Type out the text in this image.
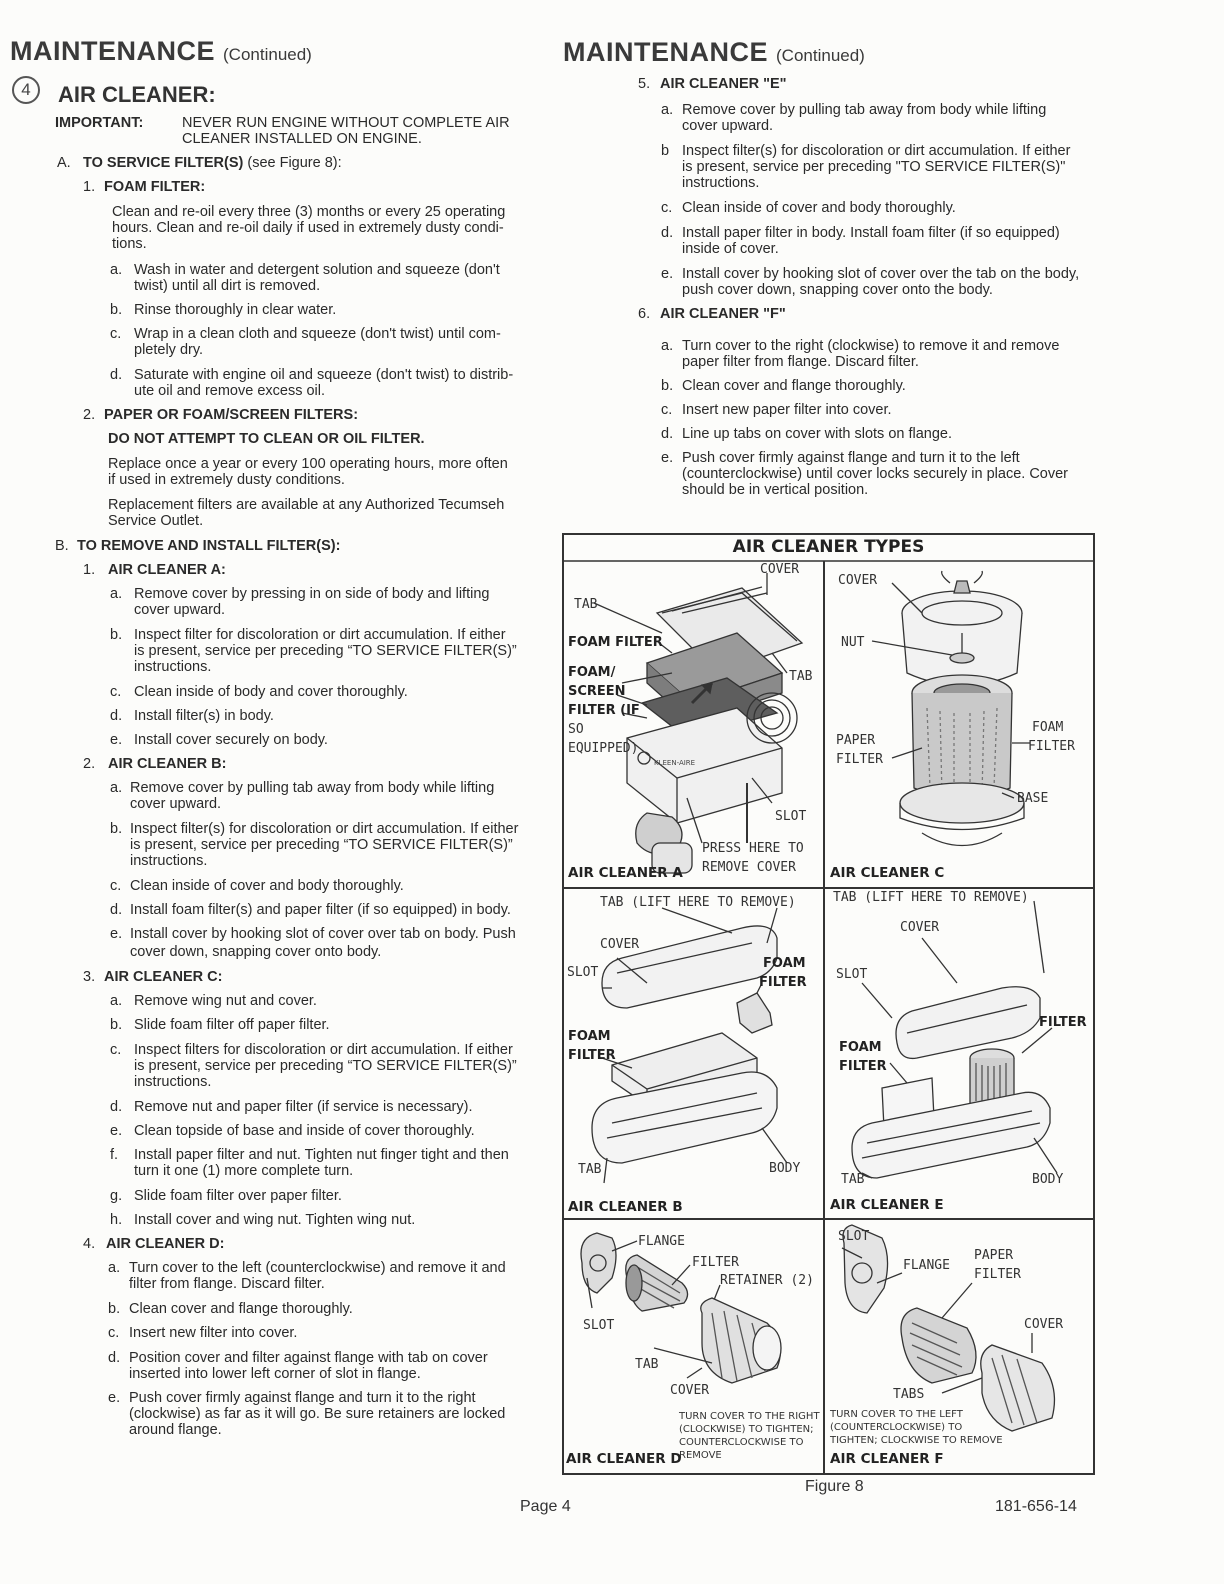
MAINTENANCE (Continued)
4	AIR CLEANER:
IMPORTANT:	NEVER RUN ENGINE WITHOUT COMPLETE AIR
CLEANER INSTALLED ON ENGINE.
A. TO SERVICE FILTER(S) (see Figure 8):
1. FOAM FILTER:
Clean and re-oil every three (3) months or every 25 operating
hours. Clean and re-oil daily if used in extremely dusty condi-
tions.
a. Wash in water and detergent solution and squeeze (don't
twist) until all dirt is removed.
b. Rinse thoroughly in clear water.
c. Wrap in a clean cloth and squeeze (don't twist) until com-
pletely dry.
d. Saturate with engine oil and squeeze (don't twist) to distrib-
ute oil and remove excess oil.
2. PAPER OR FOAM/SCREEN FILTERS:
DO NOT ATTEMPT TO CLEAN OR OIL FILTER.
Replace once a year or every 100 operating hours, more often
if used in extremely dusty conditions.
Replacement filters are available at any Authorized Tecumseh
Service Outlet.
B. TO REMOVE AND INSTALL FILTER(S):
1. AIR CLEANER A:
a. Remove cover by pressing in on side of body and lifting
cover upward.
b. Inspect filter for discoloration or dirt accumulation. If either
is present, service per preceding “TO SERVICE FILTER(S)”
instructions.
c. Clean inside of body and cover thoroughly.
d. Install filter(s) in body.
e. Install cover securely on body.
2. AIR CLEANER B:
a. Remove cover by pulling tab away from body while lifting
cover upward.
b. Inspect filter(s) for discoloration or dirt accumulation. If either
is present, service per preceding “TO SERVICE FILTER(S)”
instructions.
c. Clean inside of cover and body thoroughly.
d. Install foam filter(s) and paper filter (if so equipped) in body.
e. Install cover by hooking slot of cover over tab on body. Push
cover down, snapping cover onto body.
3. AIR CLEANER C:
a. Remove wing nut and cover.
b. Slide foam filter off paper filter.
c. Inspect filters for discoloration or dirt accumulation. If either
is present, service per preceding “TO SERVICE FILTER(S)”
instructions.
d. Remove nut and paper filter (if service is necessary).
e. Clean topside of base and inside of cover thoroughly.
f. Install paper filter and nut. Tighten nut finger tight and then
turn it one (1) more complete turn.
g. Slide foam filter over paper filter.
h. Install cover and wing nut. Tighten wing nut.
4. AIR CLEANER D:
a. Turn cover to the left (counterclockwise) and remove it and
filter from flange. Discard filter.
b. Clean cover and flange thoroughly.
c. Insert new filter into cover.
d. Position cover and filter against flange with tab on cover
inserted into lower left corner of slot in flange.
e. Push cover firmly against flange and turn it to the right
(clockwise) as far as it will go. Be sure retainers are locked
around flange.
MAINTENANCE (Continued)
5. AIR CLEANER "E"
a. Remove cover by pulling tab away from body while lifting
cover upward.
b Inspect filter(s) for discoloration or dirt accumulation. If either
is present, service per preceding "TO SERVICE FILTER(S)"
instructions.
c. Clean inside of cover and body thoroughly.
d. Install paper filter in body. Install foam filter (if so equipped)
inside of cover.
e. Install cover by hooking slot of cover over the tab on the body,
push cover down, snapping cover onto the body.
6. AIR CLEANER "F"
a. Turn cover to the right (clockwise) to remove it and remove
paper filter from flange. Discard filter.
b. Clean cover and flange thoroughly.
c. Insert new paper filter into cover.
d. Line up tabs on cover with slots on flange.
e. Push cover firmly against flange and turn it to the left
(counterclockwise) until cover locks securely in place. Cover
should be in vertical position.
AIR CLEANER TYPES
COVER
TAB
FOAM FILTER
FOAM/
SCREEN
FILTER (IF
SO
EQUIPPED)
TAB
SLOT
PRESS HERE TO
REMOVE COVER
KLEEN-AIRE
AIR CLEANER A
COVER
NUT
PAPER
FILTER
FOAM
FILTER
BASE
AIR CLEANER C
TAB (LIFT HERE TO REMOVE)
COVER
SLOT
FOAM
FILTER
FOAM
FILTER
TAB	BODY
AIR CLEANER B
TAB (LIFT HERE TO REMOVE)
COVER
SLOT
FILTER
FOAM
FILTER
TAB	BODY
AIR CLEANER E
FLANGE
FILTER
RETAINER (2)
SLOT
TAB
COVER
TURN COVER TO THE RIGHT
(CLOCKWISE) TO TIGHTEN;
COUNTERCLOCKWISE TO
REMOVE
AIR CLEANER D
SLOT
FLANGE
PAPER
FILTER
COVER
TABS
TURN COVER TO THE LEFT
(COUNTERCLOCKWISE) TO
TIGHTEN; CLOCKWISE TO REMOVE
AIR CLEANER F
Figure 8
Page 4	181-656-14
